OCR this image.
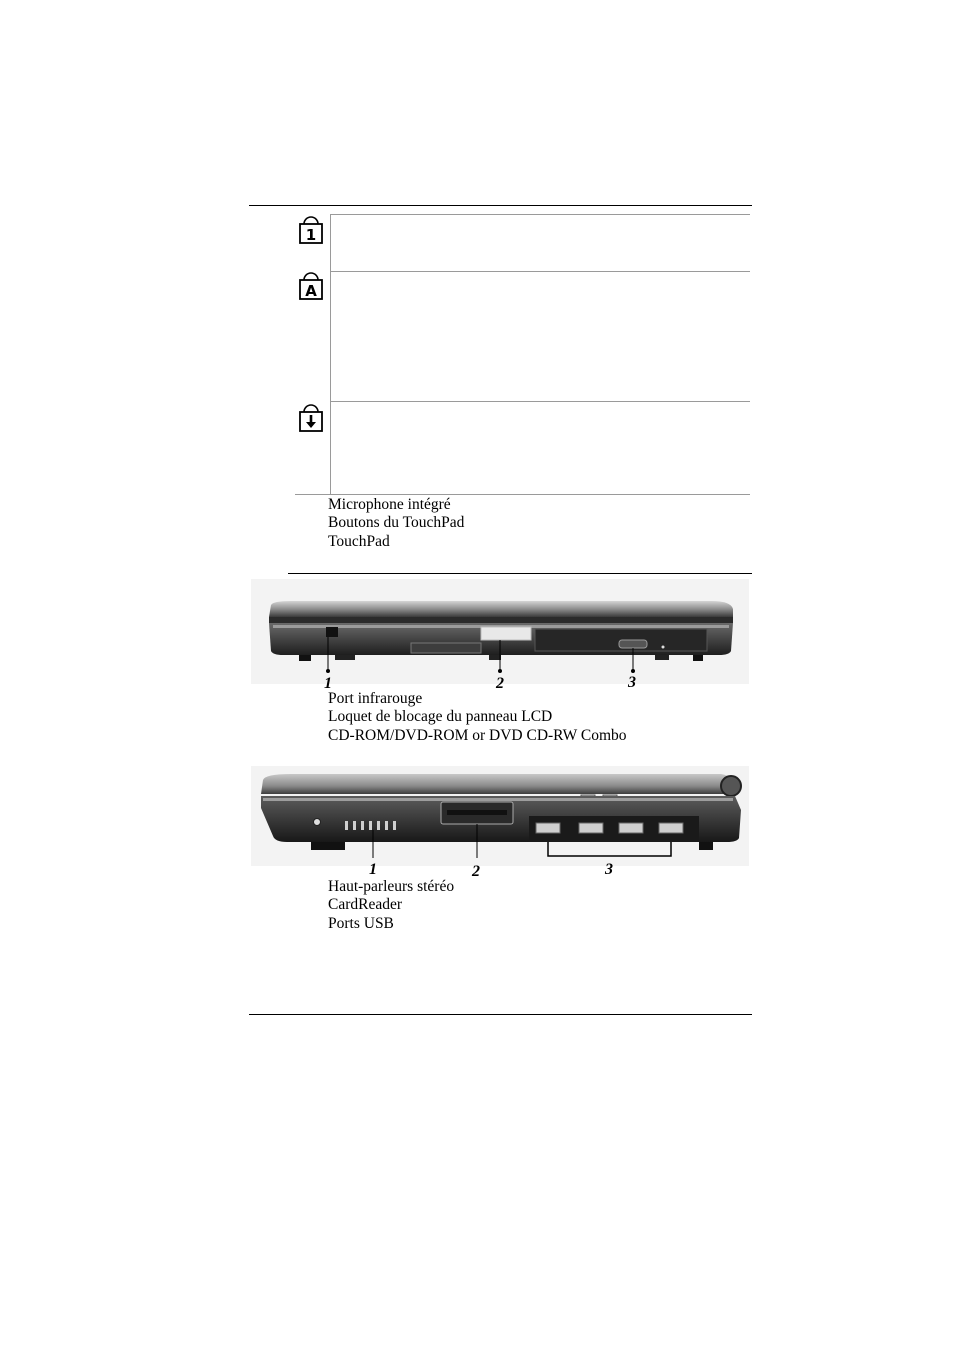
1
A
Microphone intégré
Boutons du TouchPad
TouchPad
1	2	3
Port infrarouge
Loquet de blocage du panneau LCD
CD-ROM/DVD-ROM or DVD CD-RW Combo
1	2	3
Haut-parleurs stéréo
CardReader
Ports USB
